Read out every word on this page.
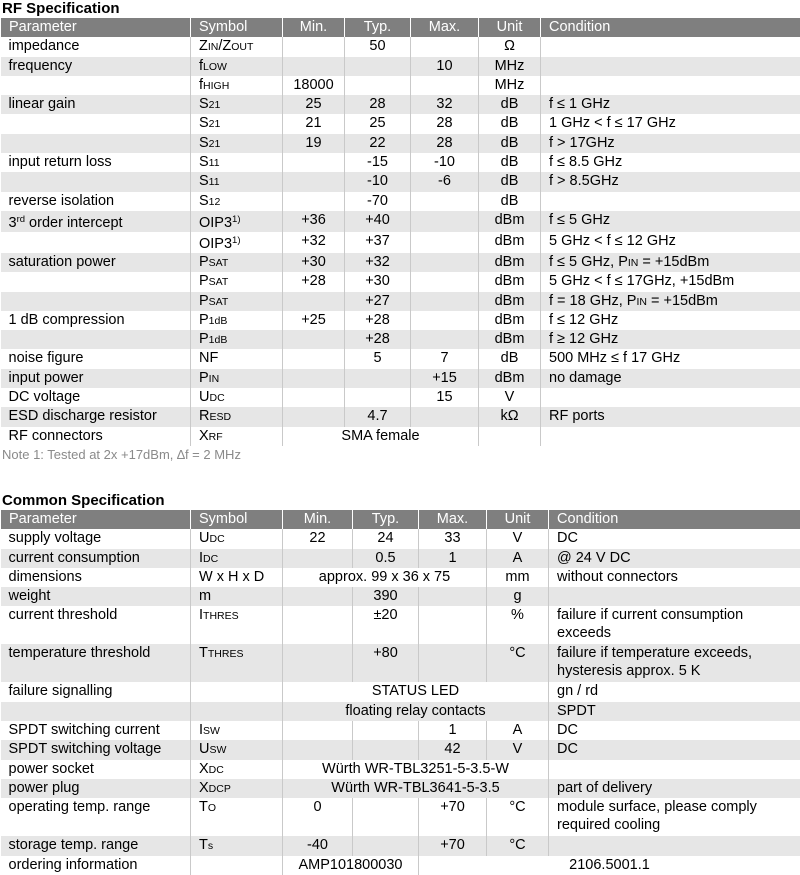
RF Specification
Parameter	Symbol	Min.	Typ.	Max.	Unit	Condition
impedance	ZIN/ZOUT		50		Ω	
frequency	fLOW			10	MHz	
	fHIGH	18000			MHz	
linear gain	S21	25	28	32	dB	f ≤ 1 GHz
	S21	21	25	28	dB	1 GHz < f ≤ 17 GHz
	S21	19	22	28	dB	f > 17GHz
input return loss	S11		-15	-10	dB	f ≤ 8.5 GHz
	S11		-10	-6	dB	f > 8.5GHz
reverse isolation	S12		-70		dB	
3rd order intercept	$OIP3^{1)}$	+36	+40		dBm	f ≤ 5 GHz
	$OIP3^{1)}$	+32	+37		dBm	5 GHz < f ≤ 12 GHz
saturation power	PSAT	+30	+32		dBm	f ≤ 5 GHz, PIN = +15dBm
	PSAT	+28	+30		dBm	5 GHz < f ≤ 17GHz, +15dBm
	PSAT		+27		dBm	f = 18 GHz, PIN = +15dBm
1 dB compression	P1dB	+25	+28		dBm	f ≤ 12 GHz
	P1dB		+28		dBm	f ≥ 12 GHz
noise figure	NF		5	7	dB	500 MHz ≤ f 17 GHz
input power	PIN			+15	dBm	no damage
DC voltage	UDC			15	V	
ESD discharge resistor	RESD		4.7		kΩ	RF ports
RF connectors	XRF	SMA female				
Note 1: Tested at 2x +17dBm, ∆f = 2 MHz
Common Specification
Parameter	Symbol	Min.	Typ.	Max.	Unit	Condition	
supply voltage	UDC	22	24	33	V	DC	
current consumption	IDC		0.5	1	A	@ 24 V DC	
dimensions	W x H x D	approx. 99 x 36 x 75			mm	without connectors	
weight	m		390		g		
current threshold	ITHRES		±20		%	failure if current consumption exceeds	
temperature threshold	TTHRES		+80		°C	failure if temperature exceeds, hysteresis approx. 5 K	
failure signalling		STATUS LED				gn / rd	
		floating relay contacts				SPDT	
SPDT switching current	ISW			1	A	DC	
SPDT switching voltage	USW			42	V	DC	
power socket	XDC	Würth WR-TBL3251-5-3.5-W					
power plug	XDCP	Würth WR-TBL3641-5-3.5				part of delivery	
operating temp. range	TO	0		+70	°C	module surface, please comply required cooling	
storage temp. range	Ts	-40		+70	°C		
ordering information		AMP101800030		2106.5001.1			
